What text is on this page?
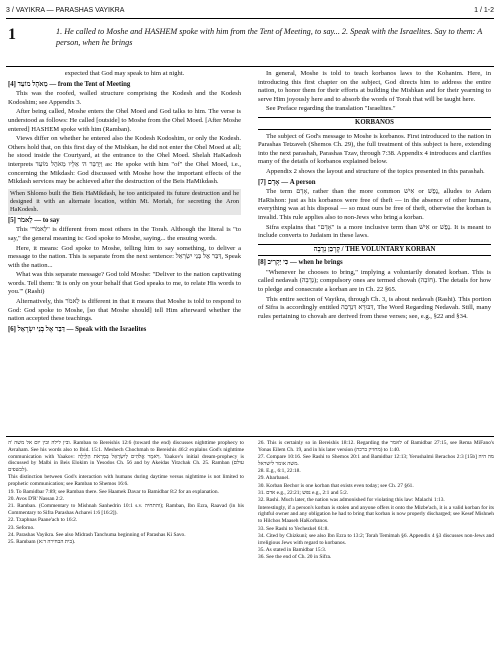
3 / VAYIKRA — PARASHAS VAYIKRA	1 / 1-2
1	1. He called to Moshe and HASHEM spoke with him from the Tent of Meeting, to say... 2. Speak with the Israelites. Say to them: A person, when he brings

expected that God may speak to him at night.

[4] מֵאֹהֶל מוֹעֵד — from the Tent of Meeting

This was the roofed, walled structure comprising the Kodesh and the Kodesh Kodoshim; see Appendix 3.

After being called, Moshe enters the Ohel Moed and God talks to him. The verse is understood as follows: He called [outside] to Moshe from the Ohel Moed. [After Moshe entered] HASHEM spoke with him (Ramban).

Views differ on whether he entered also the Kodesh Kodoshim, or only the Kodesh. Others hold that, on this first day of the Mishkan, he did not enter the Ohel Moed at all; he stood inside the Courtyard, at the entrance to the Ohel Moed. Shelah HaKadosh interprets וַיְדַבֵּר ה' אֵלָיו מֵאֹהֶל מוֹעֵד as: He spoke with him "of" the Ohel Moed, i.e., concerning the Mikdash: God discussed with Moshe how the important effects of the Mikdash services may be achieved after the destruction of the Beis HaMikdash.

When Shlomo built the Beis HaMikdash, he too anticipated its future destruction and he designed it with an alternate location, within Mt. Moriah, for secreting the Aron HaKodesh.
[5] לֵאמֹר — to say

This "לֵאמֹר" is different from most others in the Torah. Although the literal is "to say," the general meaning is: God spoke to Moshe, saying... the ensuing words.

Here, it means: God spoke to Moshe, telling him to say something, to deliver a message to the nation. This is separate from the next sentence: דַּבֵּר אֶל בְּנֵי יִשְׂרָאֵל, Speak with the nation...

What was this separate message? God told Moshe: "Deliver to the nation captivating words. Tell them: 'It is only on your behalf that God speaks to me, to relate His words to you.'" (Rashi)

Alternatively, this לֵאמֹר is different in that it means that Moshe is told to respond to God: God spoke to Moshe, [so that Moshe should] tell Him afterward whether the nation accepted these teachings.

[6] דַּבֵּר אֶל בְּנֵי יִשְׂרָאֵל — Speak with the Israelites

In general, Moshe is told to teach korbanos laws to the Kohanim. Here, in introducing this first chapter on the subject, God directs him to address the entire nation, to honor them for their efforts at building the Mishkan and for their yearning to serve Him joyously here and to absorb the words of Torah that will be taught here.

See Preface regarding the translation "Israelites."

KORBANOS

The subject of God's message to Moshe is korbanos. First introduced to the nation in Parashas Tetzaveh (Shemos Ch. 29), the full treatment of this subject is here, extending into the next parashah, Parashas Tzav, through 7:38. Appendix 4 introduces and clarifies many of the details of korbanos explained below.

Appendix 2 shows the layout and structure of the topics presented in this parashah.

[7] אָדָם — A person

The term אָדָם, rather than the more common אִישׁ or נֶפֶשׁ, alludes to Adam HaRishon: just as his korbanos were free of theft — in the absence of other humans, everything was at his disposal — so must ours be free of theft, otherwise the korban is invalid. This rule applies also to non-Jews who bring a korban.

Sifra explains that "אָדָם" is a more inclusive term than אִישׁ or נֶפֶשׁ. It is meant to include converts to Judaism in these laws.

קָרְבַּן נְדָבָה / THE VOLUNTARY KORBAN
[8] כִּי יַקְרִיב — when he brings

"Whenever he chooses to bring," implying a voluntarily donated korban. This is called nedavah (נְדָבָה); compulsory ones are termed chovah (חוֹבָה). The details for how to pledge and consecrate a korban are in Ch. 22 §65.

This entire section of Vayikra, through Ch. 3, is about nedavah (Rashi). This portion of Sifra is accordingly entitled דִּבּוּרָא דִּנְדָבָה, The Word Regarding Nedavah. Still, many rules pertaining to chovah are derived from these verses; see, e.g., §22 and §34.

ובין לילה ובין יום אל משה 'ה. Ramban to Bereishis 12:6 (toward the end) discusses nighttime prophecy to Avraham. See his words also to Ibid. 15:1. Meshech Chochmah to Bereishis 46:2 explains God's nighttime communication with Yaakov: וַיֹּאמֶר אֱלֹהִים לְיִשְׂרָאֵל בְּמַרְאֹת הַלַּיְלָה. Yaakov's initial dream-prophecy is discussed by Malbi in Beis Elokim in Yesodos Ch. 56 and by Akeidas Yitzchak Ch. 25. Ramban (עולם לכשפים).
This distinction between God's interaction with humans during daytime versus nighttime is not limited to prophetic communication; see Ramban to Shemos 16:6.
19. To Bamidbar 7:89; see Ramban there. See Haamek Davar to Bamidbar 8:2 for an explanation.
20. Avos D'R' Nassan 2:2.
21. Ramban. (Commentary to Mishnah Sanhedrin 10:1 s.v. והתחיה); Ramban, Ibn Ezra, Raavad (in his Commentary to Sifra Parashas Acharei 1:6 [16:2]).
22. Tzaphnas Paane'ach to 16:2.
23. Seforno.
24. Parashas Vayikra. See also Midrash Tanchuma beginning of Parashas Ki Savo.
25. Rambam (בית הבחירה ד:א).
26. This is certainly so in Bereishis 18:12. Regarding the לאמר of Bamidbar 27:15, see Rema MiFano's Yonas Eilem Ch. 19, and in his later version (מחזיק ברכה) to 1:40.
27. Compare 10:16. See Rashi to Shemos 20:1 and Bamidbar 12:13; Yerushalmi Berachos 2:3 [15b] מה היה משה אומר לישראל.
28. E.g., 6:1, 22:18.
29. Abarbanel.
30. Korban Bechor is one korban that exists even today; see Ch. 27 §61.
31. אדם e.g., 22:21; נפש e.g., 2:1 and 5:2.
32. Rashi. Much later, the nation was admonished for violating this law: Malachi 1:13.
Interestingly, if a person's korban is stolen and anyone offers it onto the Mizbe'ach, it is a valid korban for its rightful owner and any obligation he had to bring that korban is now properly discharged; see Kesef Mishneh to Hilchos Maaseh HaKorbanos.
33. See Rashi to Yechezkel 61:8.
34. Cited by Chizkuni; see also Ibn Ezra to 13:2; Torah Temimah §6. Appendix 4 §3 discusses non-Jews and irreligious Jews with regard to korbanos.
35. As stated in Bamidbar 15:3.
36. See the end of Ch. 20 in Sifra.
